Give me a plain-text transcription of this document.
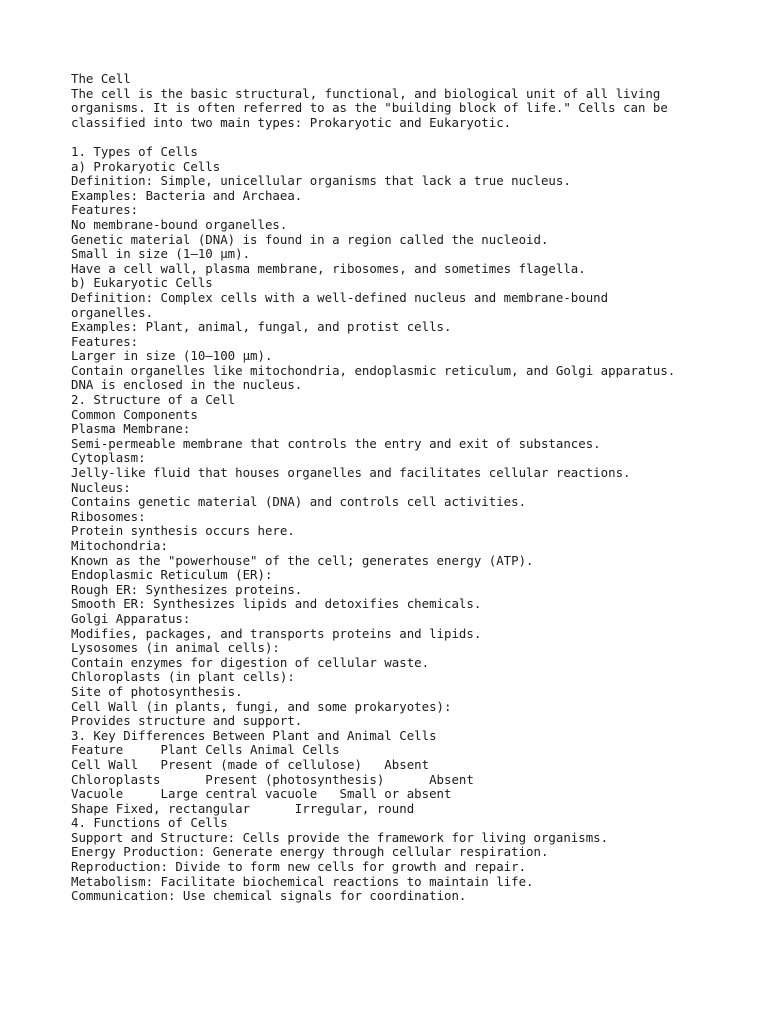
The Cell
The cell is the basic structural, functional, and biological unit of all living
organisms. It is often referred to as the "building block of life." Cells can be
classified into two main types: Prokaryotic and Eukaryotic.
1. Types of Cells
a) Prokaryotic Cells
Definition: Simple, unicellular organisms that lack a true nucleus.
Examples: Bacteria and Archaea.
Features:
No membrane-bound organelles.
Genetic material (DNA) is found in a region called the nucleoid.
Small in size (1–10 µm).
Have a cell wall, plasma membrane, ribosomes, and sometimes flagella.
b) Eukaryotic Cells
Definition: Complex cells with a well-defined nucleus and membrane-bound
organelles.
Examples: Plant, animal, fungal, and protist cells.
Features:
Larger in size (10–100 µm).
Contain organelles like mitochondria, endoplasmic reticulum, and Golgi apparatus.
DNA is enclosed in the nucleus.
2. Structure of a Cell
Common Components
Plasma Membrane:
Semi-permeable membrane that controls the entry and exit of substances.
Cytoplasm:
Jelly-like fluid that houses organelles and facilitates cellular reactions.
Nucleus:
Contains genetic material (DNA) and controls cell activities.
Ribosomes:
Protein synthesis occurs here.
Mitochondria:
Known as the "powerhouse" of the cell; generates energy (ATP).
Endoplasmic Reticulum (ER):
Rough ER: Synthesizes proteins.
Smooth ER: Synthesizes lipids and detoxifies chemicals.
Golgi Apparatus:
Modifies, packages, and transports proteins and lipids.
Lysosomes (in animal cells):
Contain enzymes for digestion of cellular waste.
Chloroplasts (in plant cells):
Site of photosynthesis.
Cell Wall (in plants, fungi, and some prokaryotes):
Provides structure and support.
3. Key Differences Between Plant and Animal Cells
Feature     Plant Cells Animal Cells
Cell Wall   Present (made of cellulose)   Absent
Chloroplasts      Present (photosynthesis)      Absent
Vacuole     Large central vacuole   Small or absent
Shape Fixed, rectangular      Irregular, round
4. Functions of Cells
Support and Structure: Cells provide the framework for living organisms.
Energy Production: Generate energy through cellular respiration.
Reproduction: Divide to form new cells for growth and repair.
Metabolism: Facilitate biochemical reactions to maintain life.
Communication: Use chemical signals for coordination.
